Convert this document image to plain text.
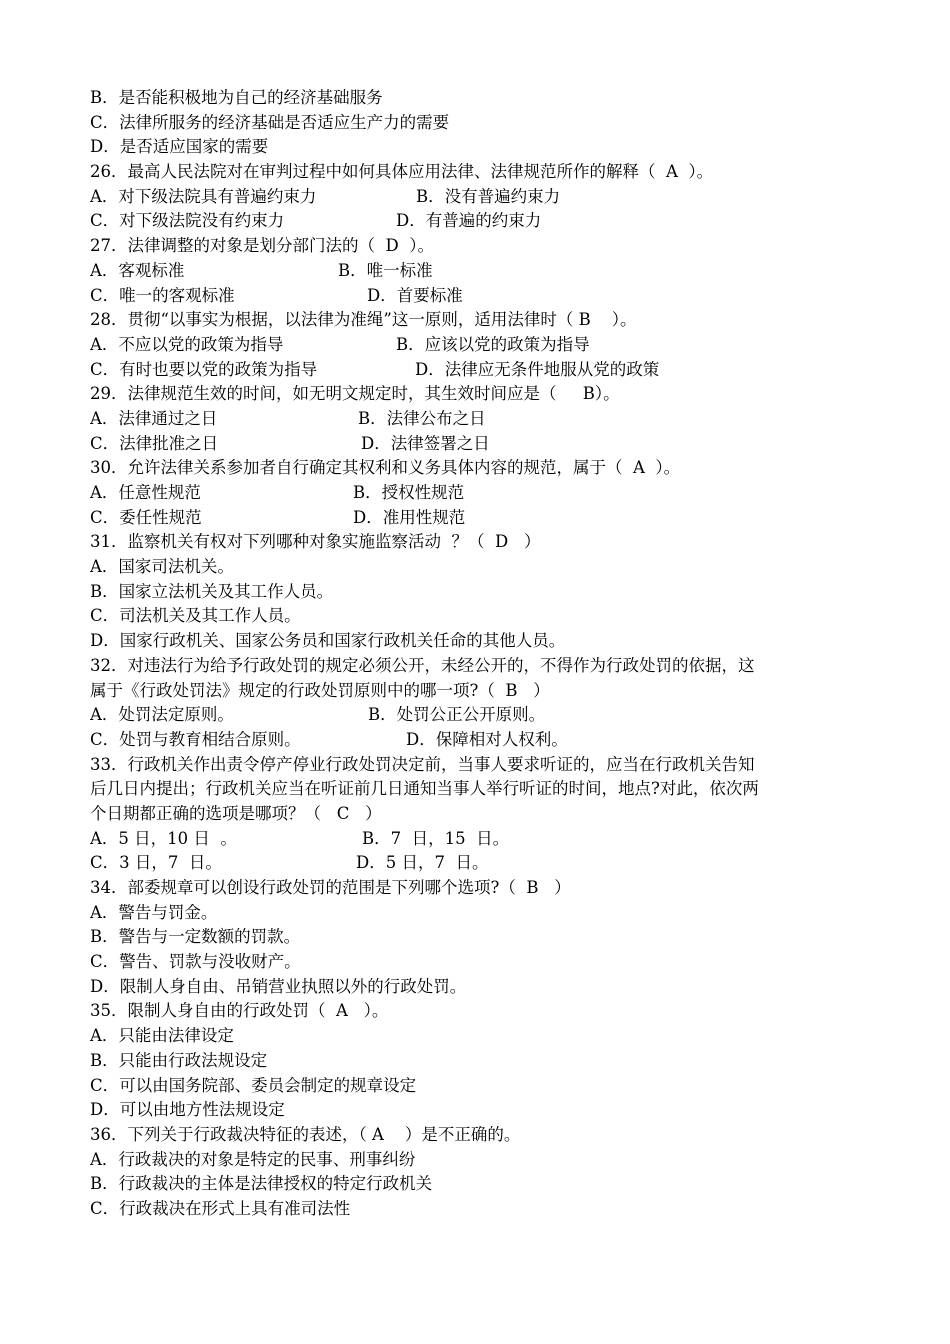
B．是否能积极地为自己的经济基础服务
C．法律所服务的经济基础是否适应生产力的需要
D．是否适应国家的需要
26．最高人民法院对在审判过程中如何具体应用法律、法律规范所作的解释（  A  ）。
A．对下级法院具有普遍约束力	B．没有普遍约束力
C．对下级法院没有约束力	D．有普遍的约束力
27．法律调整的对象是划分部门法的（  D  ）。
A．客观标准	B．唯一标准
C．唯一的客观标准	D．首要标准
28．贯彻“以事实为根据，以法律为准绳”这一原则，适用法律时（ B    ）。
A．不应以党的政策为指导	B．应该以党的政策为指导
C．有时也要以党的政策为指导	D．法律应无条件地服从党的政策
29．法律规范生效的时间，如无明文规定时，其生效时间应是（     B）。
A．法律通过之日	B．法律公布之日
C．法律批准之日	D．法律签署之日
30．允许法律关系参加者自行确定其权利和义务具体内容的规范，属于（  A  ）。
A．任意性规范	B．授权性规范
C．委任性规范	D．准用性规范
31．监察机关有权对下列哪种对象实施监察活动  ？（  D   ）
A．国家司法机关。
B．国家立法机关及其工作人员。
C．司法机关及其工作人员。
D．国家行政机关、国家公务员和国家行政机关任命的其他人员。
32．对违法行为给予行政处罚的规定必须公开，未经公开的，不得作为行政处罚的依据，这
属于《行政处罚法》规定的行政处罚原则中的哪一项?（  B   ）
A．处罚法定原则。	B．处罚公正公开原则。
C．处罚与教育相结合原则。	D．保障相对人权利。
33．行政机关作出责令停产停业行政处罚决定前，当事人要求听证的，应当在行政机关告知
后几日内提出；行政机关应当在听证前几日通知当事人举行听证的时间，地点?对此，依次两
个日期都正确的选项是哪项？（   C   ）
A．5 日，10 日  。	B．7  日，15  日。
C．3 日，7  日。	D．5 日，7  日。
34．部委规章可以创设行政处罚的范围是下列哪个选项?（  B   ）
A．警告与罚金。
B．警告与一定数额的罚款。
C．警告、罚款与没收财产。
D．限制人身自由、吊销营业执照以外的行政处罚。
35．限制人身自由的行政处罚（  A   ）。
A．只能由法律设定
B．只能由行政法规设定
C．可以由国务院部、委员会制定的规章设定
D．可以由地方性法规设定
36．下列关于行政裁决特征的表述，（ A    ）是不正确的。
A．行政裁决的对象是特定的民事、刑事纠纷
B．行政裁决的主体是法律授权的特定行政机关
C．行政裁决在形式上具有准司法性
